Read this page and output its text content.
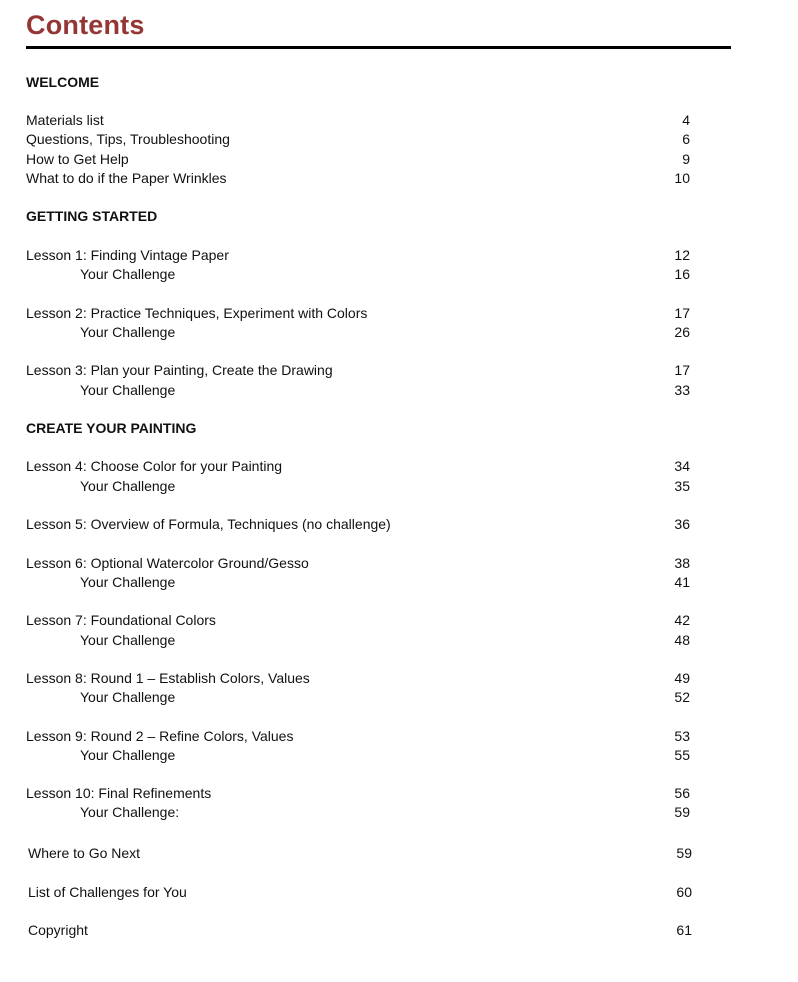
Contents
WELCOME
Materials list	4
Questions, Tips, Troubleshooting	6
How to Get Help	9
What to do if the Paper Wrinkles	10
GETTING STARTED
Lesson 1: Finding Vintage Paper	12
Your Challenge	16
Lesson 2: Practice Techniques, Experiment with Colors	17
Your Challenge	26
Lesson 3: Plan your Painting, Create the Drawing	17
Your Challenge	33
CREATE YOUR PAINTING
Lesson 4: Choose Color for your Painting	34
Your Challenge	35
Lesson 5: Overview of Formula, Techniques (no challenge)	36
Lesson 6: Optional Watercolor Ground/Gesso	38
Your Challenge	41
Lesson 7: Foundational Colors	42
Your Challenge	48
Lesson 8: Round 1 – Establish Colors, Values	49
Your Challenge	52
Lesson 9: Round 2 – Refine Colors, Values	53
Your Challenge	55
Lesson 10: Final Refinements	56
Your Challenge:	59
Where to Go Next	59
List of Challenges for You	60
Copyright	61
